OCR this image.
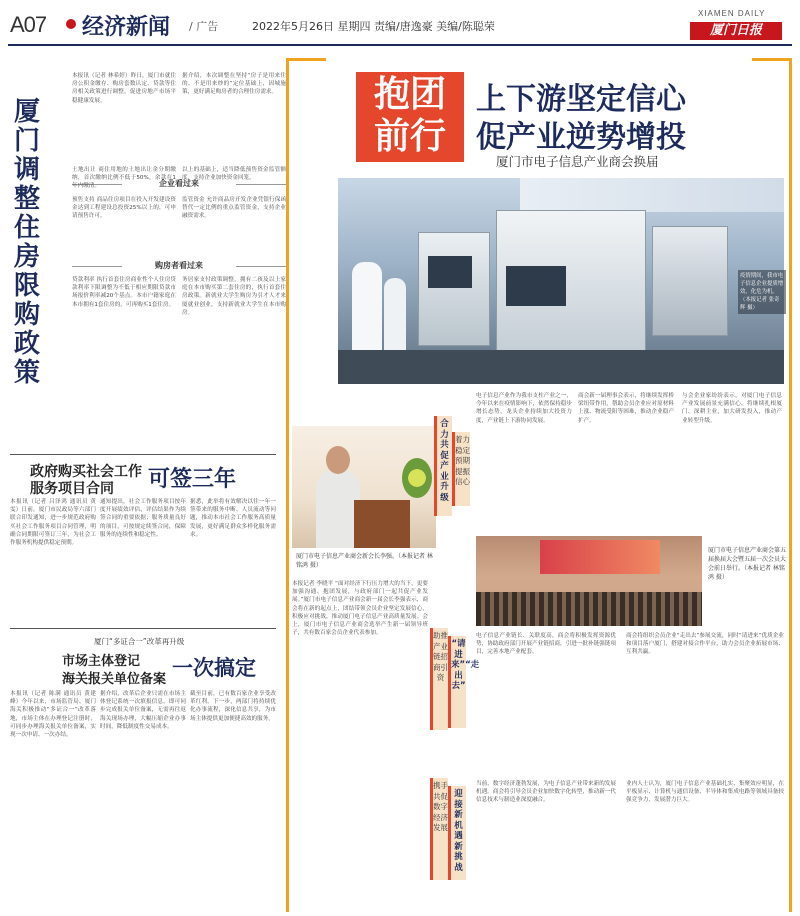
A07 经济新闻 / 广告	2022年5月26日 星期四 责编/唐逸豪 美编/陈聪荣
XIAMEN DAILY
厦门日报
厦门调整住房限购政策
本报讯（记者 林希婷）昨日，厦门市就住房公积金缴存、购房套数认定、贷款等住房相关政策进行调整，促进房地产市场平稳健康发展。
据介绍，本次调整在坚持“房子是用来住的、不是用来炒的”定位基础上，因城施策，更好满足购房者的合理住房需求。
企业看过来
预售支持 商品住房项目在投入开发建设资金达到工程建设总投资25%以上的，可申请预售许可。
监管资金 允许商品房开发企业凭银行保函替代一定比例的重点监管资金，支持企业融资需求。
购房者看过来
贷款利率 执行首套住房商业性个人住房贷款利率下限调整为不低于相应期限贷款市场报价利率减20个基点。本市户籍家庭在本市拥有1套住房的，可再购买1套住房。
务居家支付政策调整，拥有二孩及以上家庭在本市购买第二套住房的，执行首套住房政策。新就业大学生购房为引才人才来厦就业创业，支持新就业大学生在本市购房。
土地出让 商住用地的土地出让金分期缴纳，首次缴纳比例不低于50%，余款在1年内缴清。
以上的基础上，适当降低预售资金监管额度，支持企业加快资金回笼。
政府购买社会工作
服务项目合同 可签三年
本报讯（记者 吕泽鸿 通讯员 黄雯）日前，厦门市民政局等六部门联合印发通知，进一步规范政府购买社会工作服务项目合同管理，明确合同期限可签订三年，为社会工作服务机构提供稳定预期。
通知提出，社会工作服务项目按年度开展绩效评估，评估结果作为续签合同的重要依据；服务质量良好的项目，可按规定续签合同，保障服务的连续性和稳定性。
据悉，此举将有效解决以往一年一签带来的服务中断、人员流动等问题，推动本市社会工作服务高质量发展，更好满足群众多样化服务需求。
厦门“多证合一”改革再升级
市场主体登记
海关报关单位备案 一次搞定
本报讯（记者 陈满 通讯员 黄建峰）今年以来，市场监管局、厦门海关积极推动“多证合一”改革落地，市场主体在办理登记注册时，可同步办理海关报关单位备案，实现一次申请、一次办结。
据介绍，改革后企业只需在市场主体登记系统一次填报信息，即可同步完成报关单位备案，无需再往返海关现场办理，大幅压缩企业办事时间，降低制度性交易成本。
截至目前，已有数百家企业享受改革红利。下一步，两部门将持续优化办事流程，深化信息共享，为市场主体提供更加便捷高效的服务。
抱团
前行
上下游坚定信心
促产业逆势增投
厦门市电子信息产业商会换届
疫情期间，我市电子信息企业提质增效，化危为机。（本报记者 张奇辉 摄）
电子信息产业作为我市支柱产业之一，今年以来在疫情影响下，依然保持稳步增长态势，龙头企业持续加大投资力度，产业链上下游协同发展。
商会新一届理事会表示，将继续发挥桥梁纽带作用，帮助会员企业应对原材料上涨、物流受阻等困难，推动企业稳产扩产。
与会企业家纷纷表示，对厦门电子信息产业发展前景充满信心，将继续扎根厦门、深耕主业，加大研发投入，推动产业转型升级。
厦门市电子信息产业商会新会长李强。（本报记者 林铭鸿 摄）
合力共促产业升级
着力稳定预期 提振信心
助推产业链招商引资
“请进来”“走出去”
携手共促数字经济发展
迎接新机遇新挑战
厦门市电子信息产业商会第五届换届大会暨五届一次会员大会前日举行。（本报记者 林铭鸿 摄）
本报记者 李晓平 “面对经济下行压力增大的当下，更要加强沟通、抱团发展，与政府部门一起共促产业发展。”厦门市电子信息产业商会新一届会长李强表示，商会将在新的起点上，团结带领会员企业坚定发展信心，积极应对挑战，推动厦门电子信息产业高质量发展。会上，厦门市电子信息产业商会选举产生新一届领导班子，共有数百家会员企业代表参加。	电子信息产业链长、关联度高，商会将积极发挥资源优势，协助政府部门开展产业链招商，引进一批补链强链项目，完善本地产业配套。
商会将组织会员企业“走出去”参展交流，同时“请进来”优质企业和项目落户厦门，搭建对接合作平台，助力会员企业拓展市场、互利共赢。
当前，数字经济蓬勃发展，为电子信息产业带来新的发展机遇。商会将引导会员企业加快数字化转型，推动新一代信息技术与制造业深度融合。
业内人士认为，厦门电子信息产业基础扎实、集聚效应明显，在平板显示、计算机与通信设备、半导体和集成电路等领域具备较强竞争力，发展潜力巨大。
